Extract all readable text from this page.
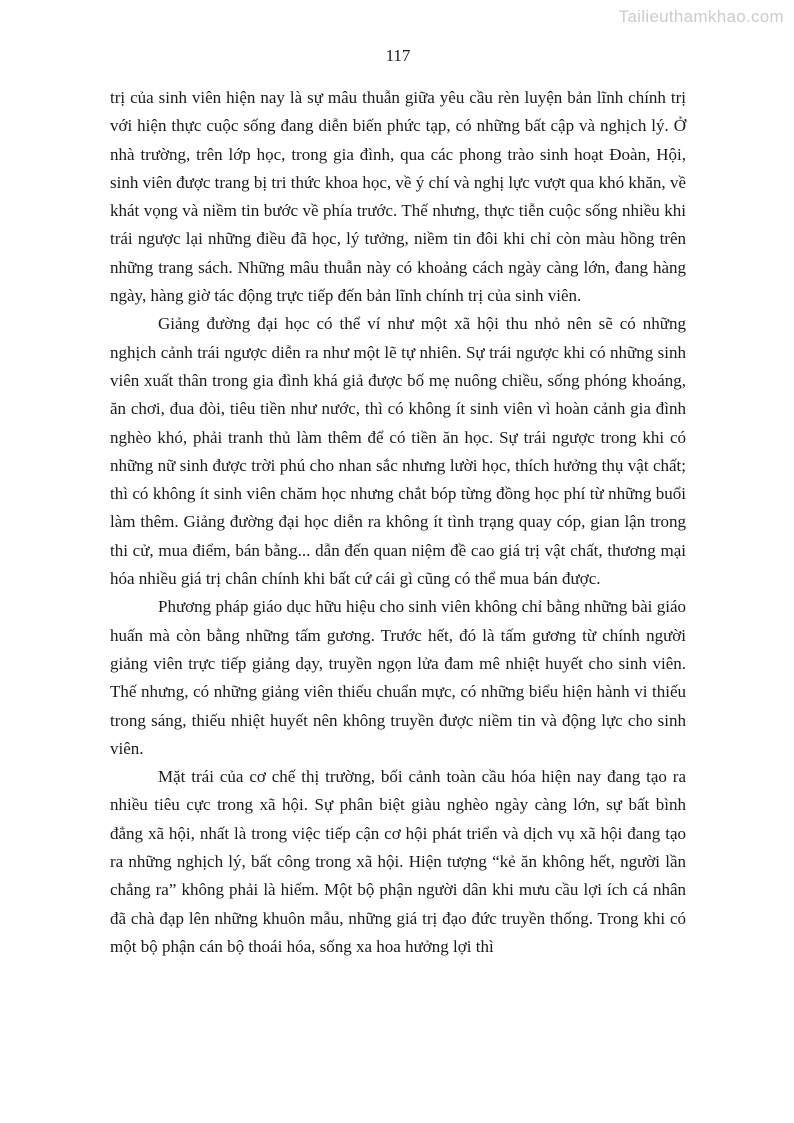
Tailieuthamkhao.com
117

trị của sinh viên hiện nay là sự mâu thuẫn giữa yêu cầu rèn luyện bản lĩnh chính trị với hiện thực cuộc sống đang diễn biến phức tạp, có những bất cập và nghịch lý. Ở nhà trường, trên lớp học, trong gia đình, qua các phong trào sinh hoạt Đoàn, Hội, sinh viên được trang bị tri thức khoa học, về ý chí và nghị lực vượt qua khó khăn, về khát vọng và niềm tin bước về phía trước. Thế nhưng, thực tiễn cuộc sống nhiều khi trái ngược lại những điều đã học, lý tưởng, niềm tin đôi khi chỉ còn màu hồng trên những trang sách. Những mâu thuẫn này có khoảng cách ngày càng lớn, đang hàng ngày, hàng giờ tác động trực tiếp đến bản lĩnh chính trị của sinh viên.

Giảng đường đại học có thể ví như một xã hội thu nhỏ nên sẽ có những nghịch cảnh trái ngược diễn ra như một lẽ tự nhiên. Sự trái ngược khi có những sinh viên xuất thân trong gia đình khá giả được bố mẹ nuông chiều, sống phóng khoáng, ăn chơi, đua đòi, tiêu tiền như nước, thì có không ít sinh viên vì hoàn cảnh gia đình nghèo khó, phải tranh thủ làm thêm để có tiền ăn học. Sự trái ngược trong khi có những nữ sinh được trời phú cho nhan sắc nhưng lười học, thích hưởng thụ vật chất; thì có không ít sinh viên chăm học nhưng chắt bóp từng đồng học phí từ những buổi làm thêm. Giảng đường đại học diễn ra không ít tình trạng quay cóp, gian lận trong thi cử, mua điểm, bán bằng... dẫn đến quan niệm đề cao giá trị vật chất, thương mại hóa nhiều giá trị chân chính khi bất cứ cái gì cũng có thể mua bán được.

Phương pháp giáo dục hữu hiệu cho sinh viên không chỉ bằng những bài giáo huấn mà còn bằng những tấm gương. Trước hết, đó là tấm gương từ chính người giảng viên trực tiếp giảng dạy, truyền ngọn lửa đam mê nhiệt huyết cho sinh viên. Thế nhưng, có những giảng viên thiếu chuẩn mực, có những biểu hiện hành vi thiếu trong sáng, thiếu nhiệt huyết nên không truyền được niềm tin và động lực cho sinh viên.

Mặt trái của cơ chế thị trường, bối cảnh toàn cầu hóa hiện nay đang tạo ra nhiều tiêu cực trong xã hội. Sự phân biệt giàu nghèo ngày càng lớn, sự bất bình đẳng xã hội, nhất là trong việc tiếp cận cơ hội phát triển và dịch vụ xã hội đang tạo ra những nghịch lý, bất công trong xã hội. Hiện tượng “kẻ ăn không hết, người lần chẳng ra” không phải là hiếm. Một bộ phận người dân khi mưu cầu lợi ích cá nhân đã chà đạp lên những khuôn mẫu, những giá trị đạo đức truyền thống. Trong khi có một bộ phận cán bộ thoái hóa, sống xa hoa hưởng lợi thì
